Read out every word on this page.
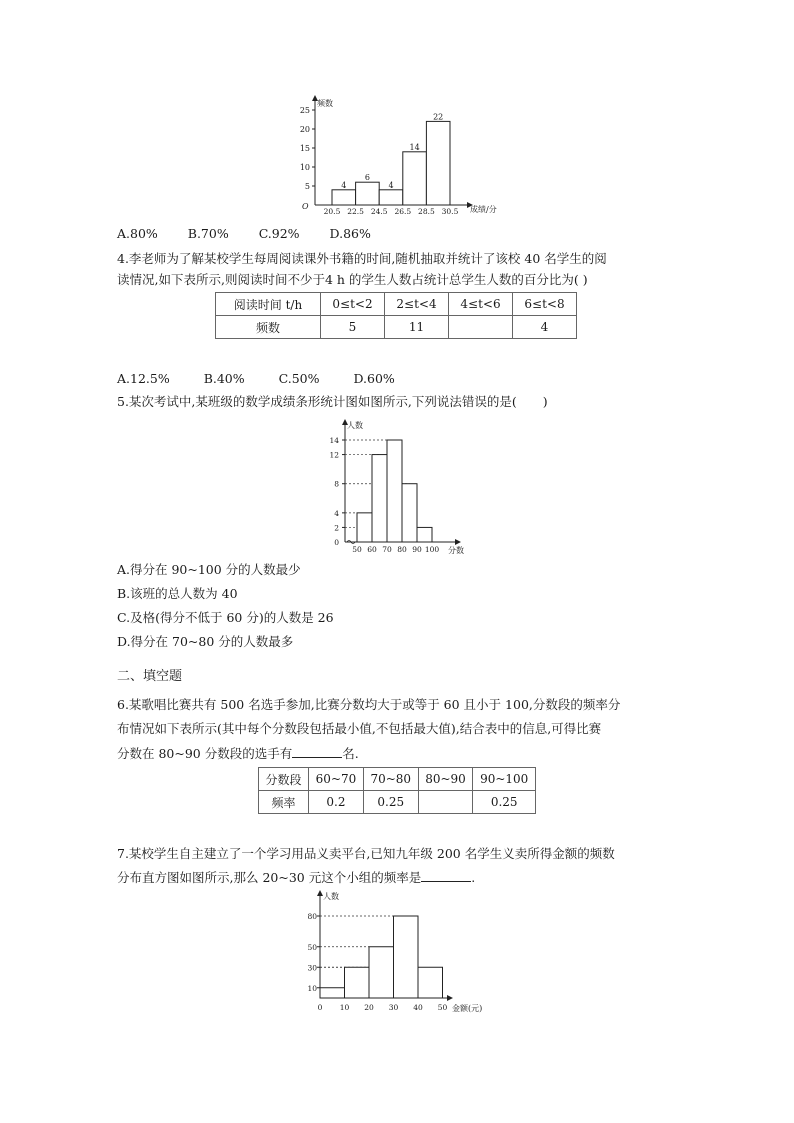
频数
成绩/分
O
5
10
15
20
25
20.5 22.5 24.5 26.5 28.5 30.5
4
6
4
14
22
A.80% B.70% C.92% D.86%
4.李老师为了解某校学生每周阅读课外书籍的时间,随机抽取并统计了该校 40 名学生的阅
读情况,如下表所示,则阅读时间不少于4 h 的学生人数占统计总学生人数的百分比为( )
阅读时间 t/h	0≤t<2	2≤t<4	4≤t<6	6≤t<8
频数	5	11		4
A.12.5%	B.40%	C.50%	D.60%
5.某次考试中,某班级的数学成绩条形统计图如图所示,下列说法错误的是( )
人数
分数
0
2
4
8
12
14
50 60 70 80 90 100
A.得分在 90~100 分的人数最少
B.该班的总人数为 40
C.及格(得分不低于 60 分)的人数是 26
D.得分在 70~80 分的人数最多
二、填空题
6.某歌唱比赛共有 500 名选手参加,比赛分数均大于或等于 60 且小于 100,分数段的频率分
布情况如下表所示(其中每个分数段包括最小值,不包括最大值),结合表中的信息,可得比赛
分数在 80~90 分数段的选手有	名.
分数段	60~70	70~80	80~90	90~100
频率	0.2	0.25		0.25
7.某校学生自主建立了一个学习用品义卖平台,已知九年级 200 名学生义卖所得金额的频数
分布直方图如图所示,那么 20~30 元这个小组的频率是	.
人数
金额(元)
10
30
50
80
0 10 20 30 40 50
